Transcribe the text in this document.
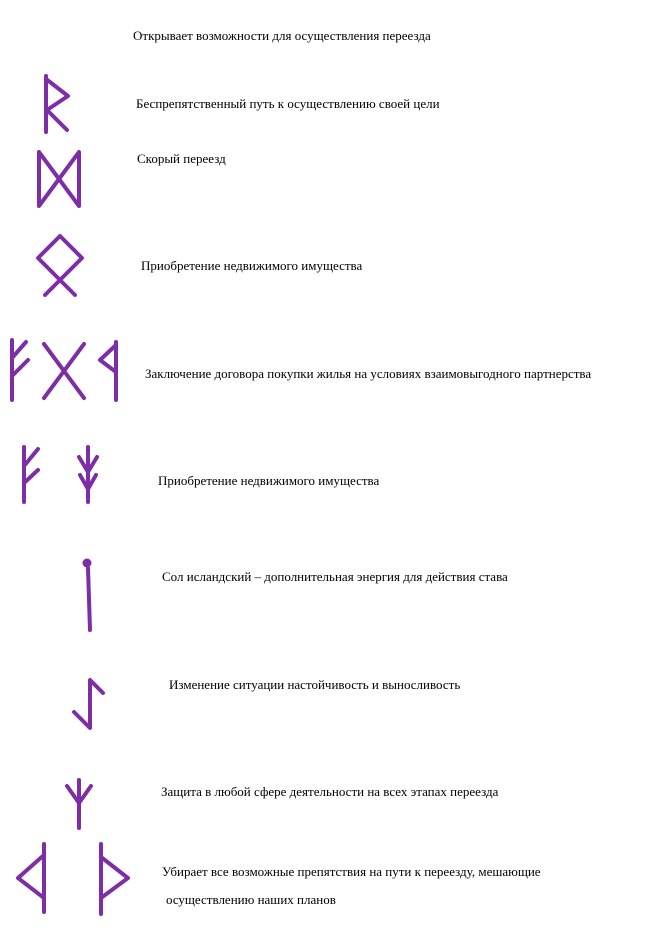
Открывает возможности для осуществления переезда
Беспрепятственный путь к осуществлению своей цели
Скорый переезд
Приобретение недвижимого имущества
Заключение договора покупки жилья на условиях взаимовыгодного партнерства
Приобретение недвижимого имущества
Сол исландский – дополнительная энергия для действия става
Изменение ситуации настойчивость и выносливость
Защита в любой сфере деятельности на всех этапах переезда
Убирает все возможные препятствия на пути к переезду, мешающие
осуществлению наших планов
